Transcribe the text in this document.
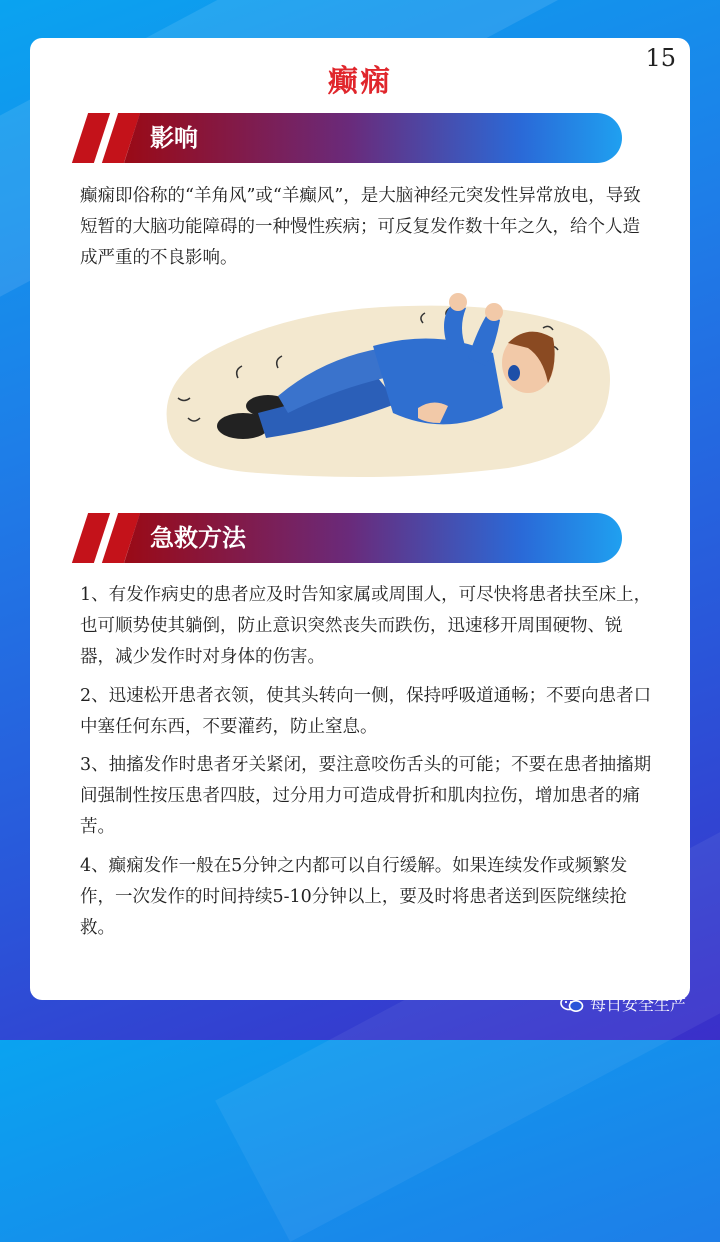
15
癫痫
影响
癫痫即俗称的“羊角风”或“羊癫风”，是大脑神经元突发性异常放电，导致短暂的大脑功能障碍的一种慢性疾病；可反复发作数十年之久，给个人造成严重的不良影响。
急救方法
1、有发作病史的患者应及时告知家属或周围人，可尽快将患者扶至床上，也可顺势使其躺倒，防止意识突然丧失而跌伤，迅速移开周围硬物、锐器，减少发作时对身体的伤害。
2、迅速松开患者衣领，使其头转向一侧，保持呼吸道通畅；不要向患者口中塞任何东西，不要灌药，防止窒息。
3、抽搐发作时患者牙关紧闭，要注意咬伤舌头的可能；不要在患者抽搐期间强制性按压患者四肢，过分用力可造成骨折和肌肉拉伤，增加患者的痛苦。
4、癫痫发作一般在5分钟之内都可以自行缓解。如果连续发作或频繁发作，一次发作的时间持续5-10分钟以上，要及时将患者送到医院继续抢救。
每日安全生产
